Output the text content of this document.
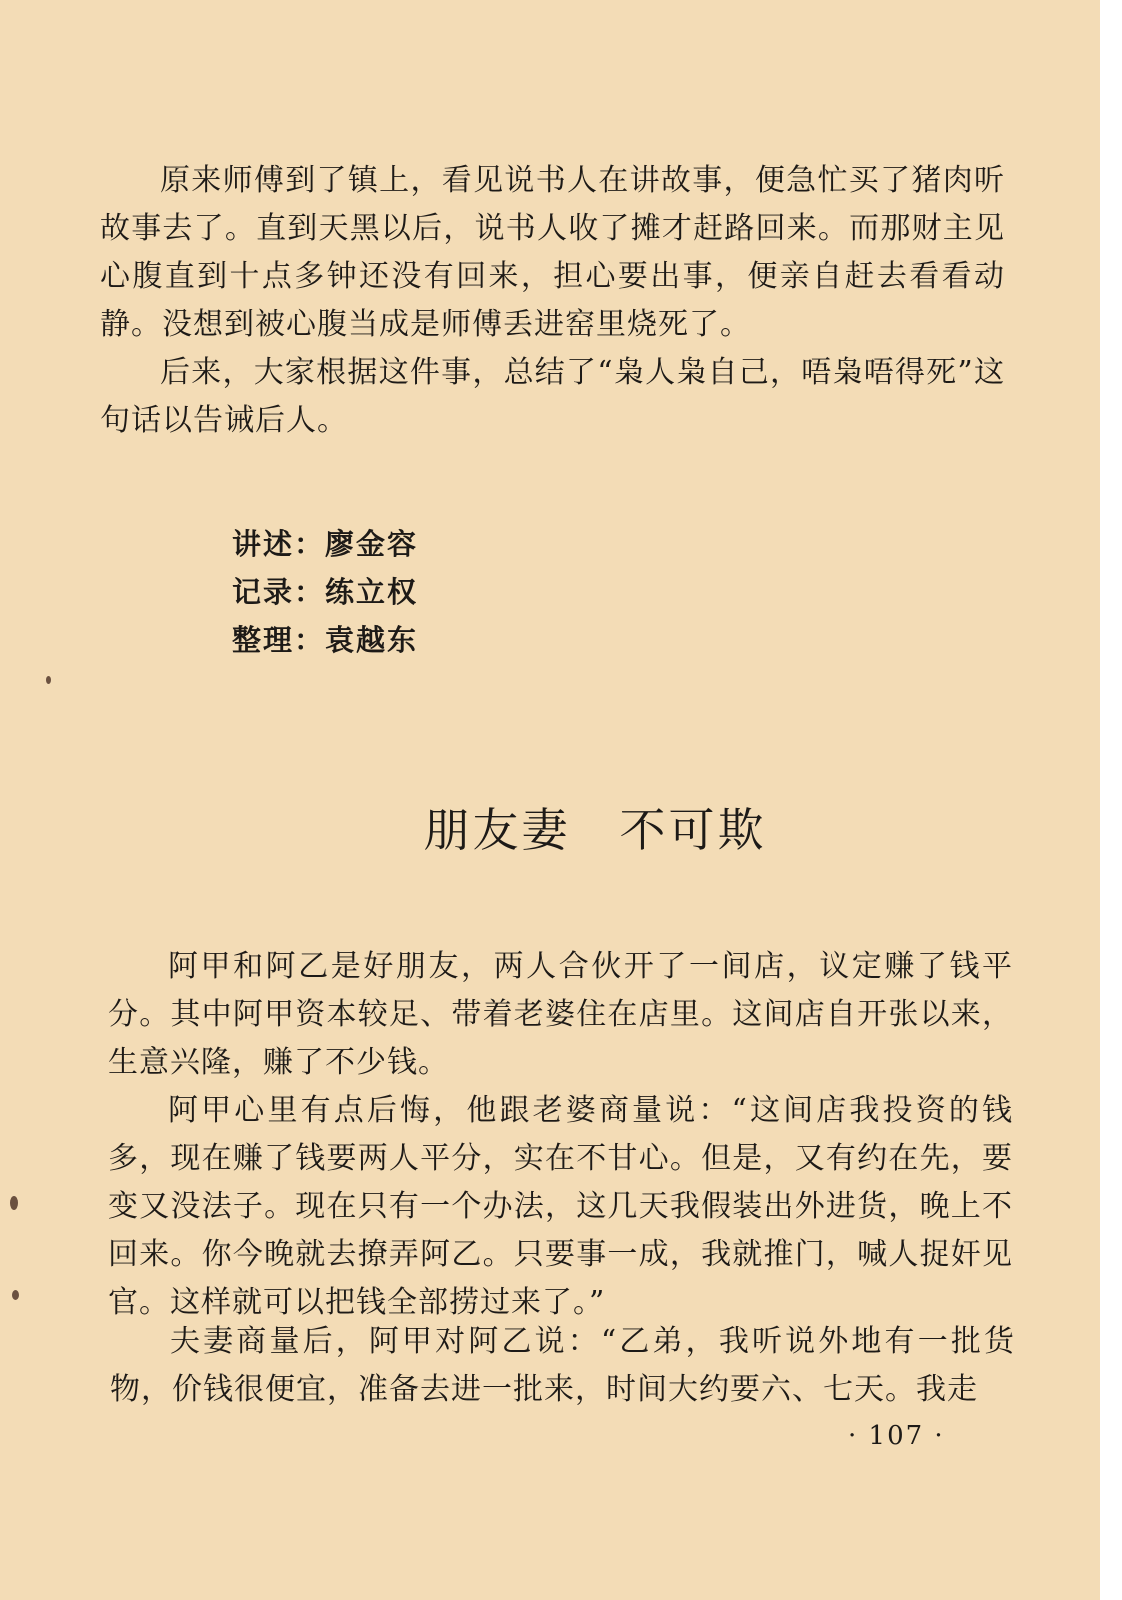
原来师傅到了镇上，看见说书人在讲故事，便急忙买了猪肉听故事去了。直到天黑以后，说书人收了摊才赶路回来。而那财主见心腹直到十点多钟还没有回来，担心要出事，便亲自赶去看看动静。没想到被心腹当成是师傅丢进窑里烧死了。

后来，大家根据这件事，总结了“枭人枭自己，唔枭唔得死”这句话以告诫后人。

讲述：廖金容
记录：练立权
整理：袁越东
朋友妻　不可欺

阿甲和阿乙是好朋友，两人合伙开了一间店，议定赚了钱平分。其中阿甲资本较足、带着老婆住在店里。这间店自开张以来，生意兴隆，赚了不少钱。

阿甲心里有点后悔，他跟老婆商量说：“这间店我投资的钱多，现在赚了钱要两人平分，实在不甘心。但是，又有约在先，要变又没法子。现在只有一个办法，这几天我假装出外进货，晚上不回来。你今晚就去撩弄阿乙。只要事一成，我就推门，喊人捉奸见官。这样就可以把钱全部捞过来了。”

夫妻商量后，阿甲对阿乙说：“乙弟，我听说外地有一批货物，价钱很便宜，准备去进一批来，时间大约要六、七天。我走

· 107 ·
